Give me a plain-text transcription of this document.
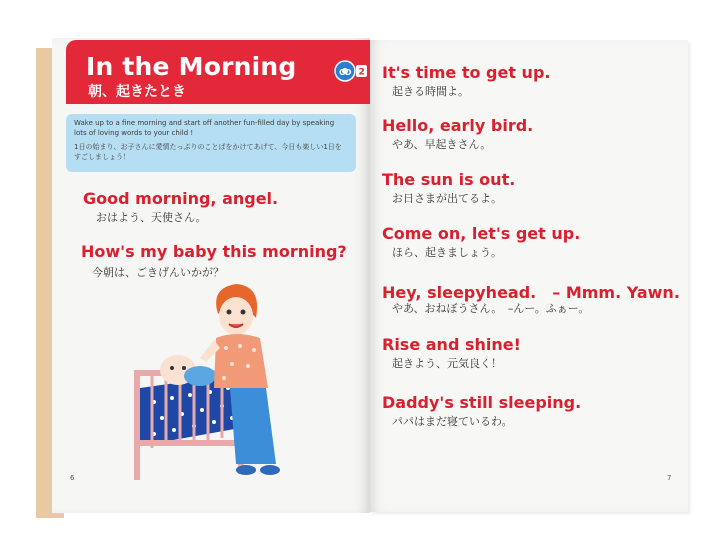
In the Morning
朝、起きたとき
CD 2
Wake up to a fine morning and start off another fun-filled day by speaking lots of loving words to your child !
1日の始まり、お子さんに愛情たっぷりのことばをかけてあげて、今日も楽しい1日をすごしましょう！
Good morning, angel.
おはよう、天使さん。
How's my baby this morning?
今朝は、ごきげんいかが？
It's time to get up.
起きる時間よ。
Hello, early bird.
やあ、早起きさん。
The sun is out.
お日さまが出てるよ。
Come on, let's get up.
ほら、起きましょう。
Hey, sleepyhead.　– Mmm. Yawn.
やあ、おねぼうさん。　–んー。ふぁー。
Rise and shine!
起きよう、元気良く！
Daddy's still sleeping.
パパはまだ寝ているわ。
6	7
